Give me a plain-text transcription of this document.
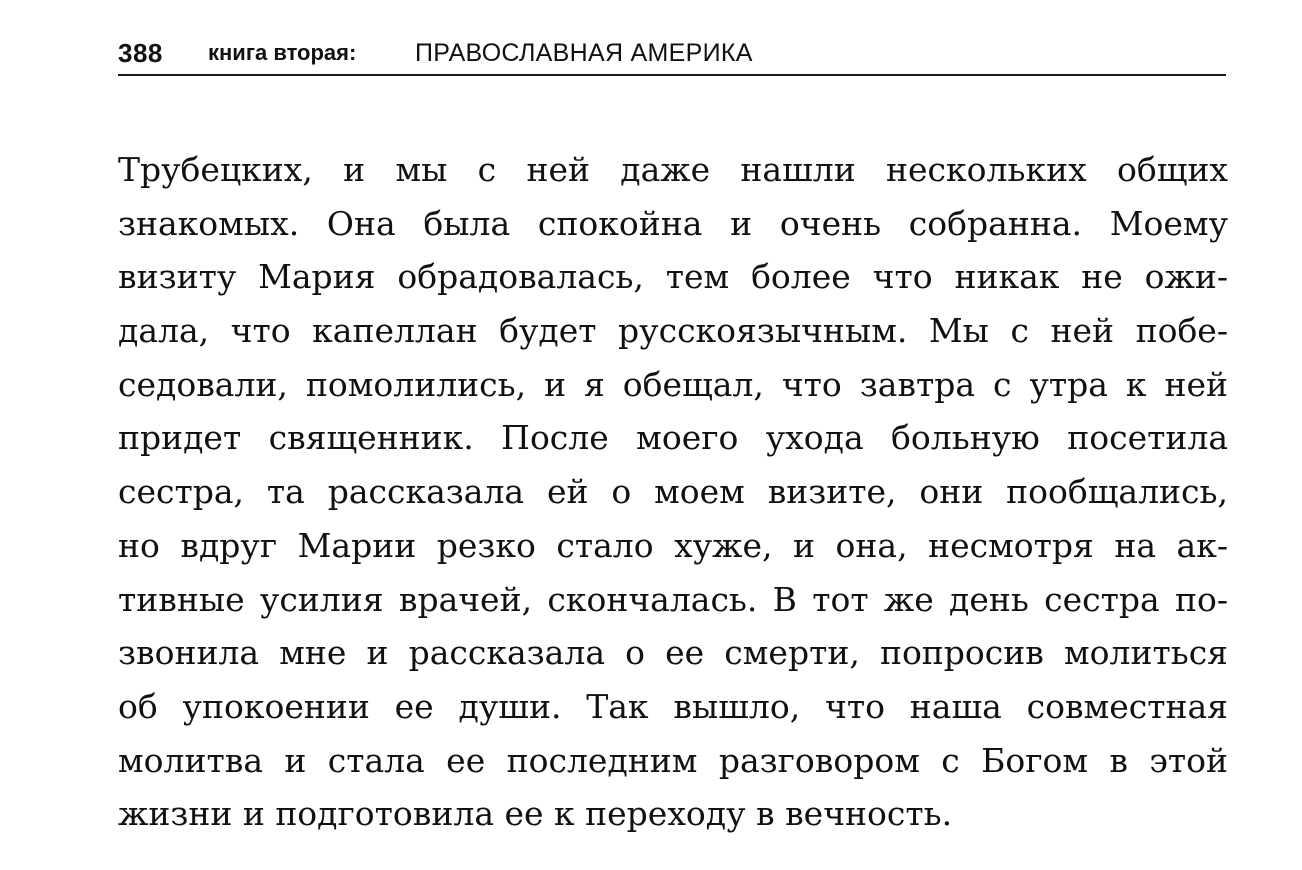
388 книга вторая: ПРАВОСЛАВНАЯ АМЕРИКА
Трубецких, и мы с ней даже нашли нескольких общих
знакомых. Она была спокойна и очень собранна. Моему
визиту Мария обрадовалась, тем более что никак не ожи-
дала, что капеллан будет русскоязычным. Мы с ней побе-
седовали, помолились, и я обещал, что завтра с утра к ней
придет священник. После моего ухода больную посетила
сестра, та рассказала ей о моем визите, они пообщались,
но вдруг Марии резко стало хуже, и она, несмотря на ак-
тивные усилия врачей, скончалась. В тот же день сестра по-
звонила мне и рассказала о ее смерти, попросив молиться
об упокоении ее души. Так вышло, что наша совместная
молитва и стала ее последним разговором с Богом в этой
жизни и подготовила ее к переходу в вечность.
